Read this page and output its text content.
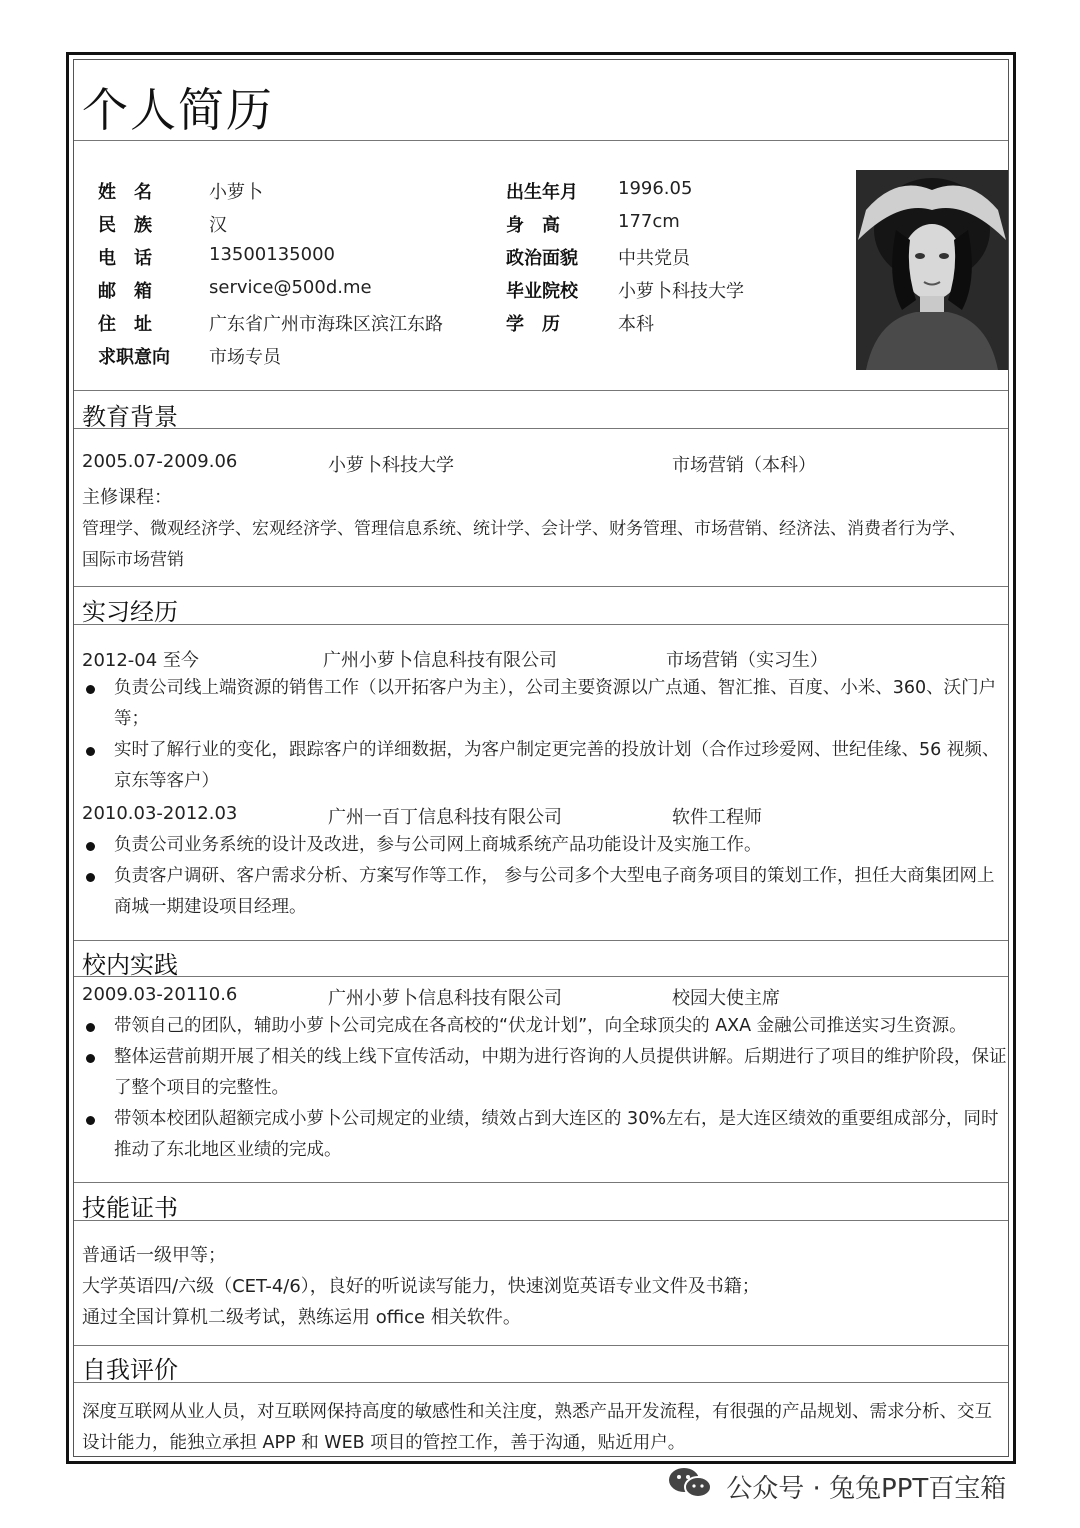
个人简历
姓　名	小萝卜
民　族	汉
电　话	13500135000
邮　箱	service@500d.me
住　址	广东省广州市海珠区滨江东路
求职意向	市场专员
出生年月	1996.05
身　高	177cm
政治面貌	中共党员
毕业院校	小萝卜科技大学
学　历	本科
教育背景
2005.07-2009.06	小萝卜科技大学	市场营销（本科）
主修课程：
管理学、微观经济学、宏观经济学、管理信息系统、统计学、会计学、财务管理、市场营销、经济法、消费者行为学、
国际市场营销
实习经历
2012-04 至今	广州小萝卜信息科技有限公司	市场营销（实习生）
负责公司线上端资源的销售工作（以开拓客户为主），公司主要资源以广点通、智汇推、百度、小米、360、沃门户等；
实时了解行业的变化，跟踪客户的详细数据，为客户制定更完善的投放计划（合作过珍爱网、世纪佳缘、56 视频、京东等客户）
2010.03-2012.03	广州一百丁信息科技有限公司	软件工程师
负责公司业务系统的设计及改进，参与公司网上商城系统产品功能设计及实施工作。
负责客户调研、客户需求分析、方案写作等工作， 参与公司多个大型电子商务项目的策划工作，担任大商集团网上商城一期建设项目经理。
校内实践
2009.03-20110.6	广州小萝卜信息科技有限公司	校园大使主席
带领自己的团队，辅助小萝卜公司完成在各高校的“伏龙计划”，向全球顶尖的 AXA 金融公司推送实习生资源。
整体运营前期开展了相关的线上线下宣传活动，中期为进行咨询的人员提供讲解。后期进行了项目的维护阶段，保证了整个项目的完整性。
带领本校团队超额完成小萝卜公司规定的业绩，绩效占到大连区的 30%左右，是大连区绩效的重要组成部分，同时推动了东北地区业绩的完成。
技能证书
普通话一级甲等；
大学英语四/六级（CET-4/6），良好的听说读写能力，快速浏览英语专业文件及书籍；
通过全国计算机二级考试，熟练运用 office 相关软件。
自我评价
深度互联网从业人员，对互联网保持高度的敏感性和关注度，熟悉产品开发流程，有很强的产品规划、需求分析、交互设计能力，能独立承担 APP 和 WEB 项目的管控工作，善于沟通，贴近用户。
公众号 · 兔兔PPT百宝箱
